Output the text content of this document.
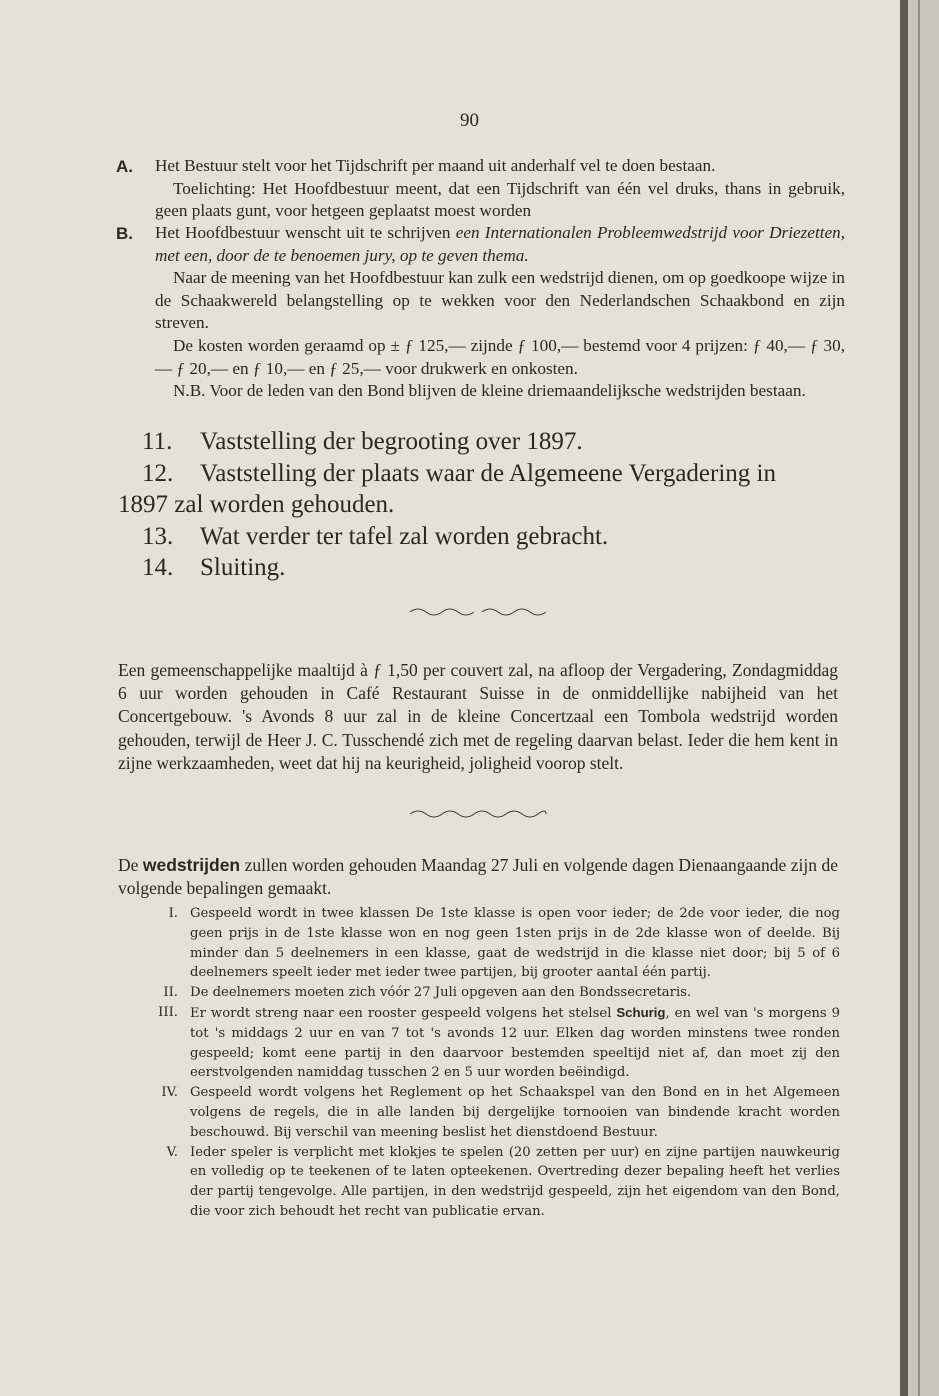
90
A. Het Bestuur stelt voor het Tijdschrift per maand uit anderhalf vel te doen bestaan.

Toelichting: Het Hoofdbestuur meent, dat een Tijdschrift van één vel druks, thans in gebruik, geen plaats gunt, voor hetgeen geplaatst moest worden

B. Het Hoofdbestuur wenscht uit te schrijven een Internationalen Probleemwedstrijd voor Driezetten, met een, door de te benoemen jury, op te geven thema.

Naar de meening van het Hoofdbestuur kan zulk een wedstrijd dienen, om op goedkoope wijze in de Schaakwereld belangstelling op te wekken voor den Nederlandschen Schaakbond en zijn streven.

De kosten worden geraamd op ± ƒ 125,— zijnde ƒ 100,— bestemd voor 4 prijzen: ƒ 40,— ƒ 30,— ƒ 20,— en ƒ 10,— en ƒ 25,— voor drukwerk en onkosten.

N.B. Voor de leden van den Bond blijven de kleine driemaandelijksche wedstrijden bestaan.

11. Vaststelling der begrooting over 1897.

12. Vaststelling der plaats waar de Algemeene Vergadering in

1897 zal worden gehouden.

13. Wat verder ter tafel zal worden gebracht.

14. Sluiting.

Een gemeenschappelijke maaltijd à ƒ 1,50 per couvert zal, na afloop der Vergadering, Zondagmiddag 6 uur worden gehouden in Café Restaurant Suisse in de onmiddellijke nabijheid van het Concertgebouw. 's Avonds 8 uur zal in de kleine Concertzaal een Tombola wedstrijd worden gehouden, terwijl de Heer J. C. Tusschendé zich met de regeling daarvan belast. Ieder die hem kent in zijne werkzaamheden, weet dat hij na keurigheid, joligheid voorop stelt.

De wedstrijden zullen worden gehouden Maandag 27 Juli en volgende dagen Dienaangaande zijn de volgende bepalingen gemaakt.

I. Gespeeld wordt in twee klassen De 1ste klasse is open voor ieder; de 2de voor ieder, die nog geen prijs in de 1ste klasse won en nog geen 1sten prijs in de 2de klasse won of deelde. Bij minder dan 5 deelnemers in een klasse, gaat de wedstrijd in die klasse niet door; bij 5 of 6 deelnemers speelt ieder met ieder twee partijen, bij grooter aantal één partij.
II. De deelnemers moeten zich vóór 27 Juli opgeven aan den Bondssecretaris.
III. Er wordt streng naar een rooster gespeeld volgens het stelsel Schurig, en wel van 's morgens 9 tot 's middags 2 uur en van 7 tot 's avonds 12 uur. Elken dag worden minstens twee ronden gespeeld; komt eene partij in den daarvoor bestemden speeltijd niet af, dan moet zij den eerstvolgenden namiddag tusschen 2 en 5 uur worden beëindigd.
IV. Gespeeld wordt volgens het Reglement op het Schaakspel van den Bond en in het Algemeen volgens de regels, die in alle landen bij dergelijke tornooien van bindende kracht worden beschouwd. Bij verschil van meening beslist het dienstdoend Bestuur.
V. Ieder speler is verplicht met klokjes te spelen (20 zetten per uur) en zijne partijen nauwkeurig en volledig op te teekenen of te laten opteekenen. Overtreding dezer bepaling heeft het verlies der partij tengevolge. Alle partijen, in den wedstrijd gespeeld, zijn het eigendom van den Bond, die voor zich behoudt het recht van publicatie ervan.
